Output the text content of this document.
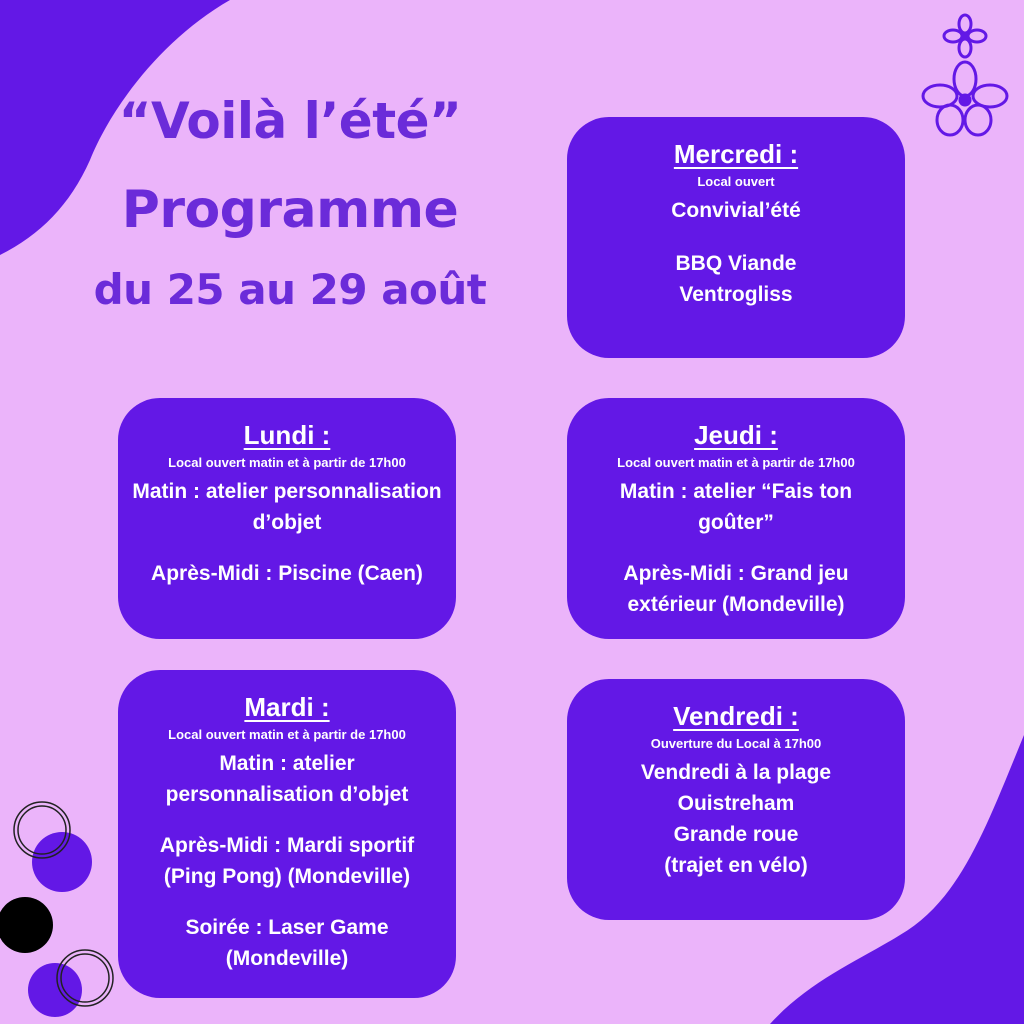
“Voilà l’été”
Programme
du 25 au 29 août
Mercredi :
Local ouvert
Convivial’été
BBQ Viande
Ventrogliss
Lundi :
Local ouvert matin et à partir de 17h00
Matin : atelier personnalisation
d’objet
Après-Midi : Piscine (Caen)
Jeudi :
Local ouvert matin et à partir de 17h00
Matin : atelier “Fais ton
goûter”
Après-Midi : Grand jeu
extérieur (Mondeville)
Mardi :
Local ouvert matin et à partir de 17h00
Matin : atelier
personnalisation d’objet
Après-Midi : Mardi sportif
(Ping Pong) (Mondeville)
Soirée : Laser Game
(Mondeville)
Vendredi :
Ouverture du Local à 17h00
Vendredi à la plage
Ouistreham
Grande roue
(trajet en vélo)
